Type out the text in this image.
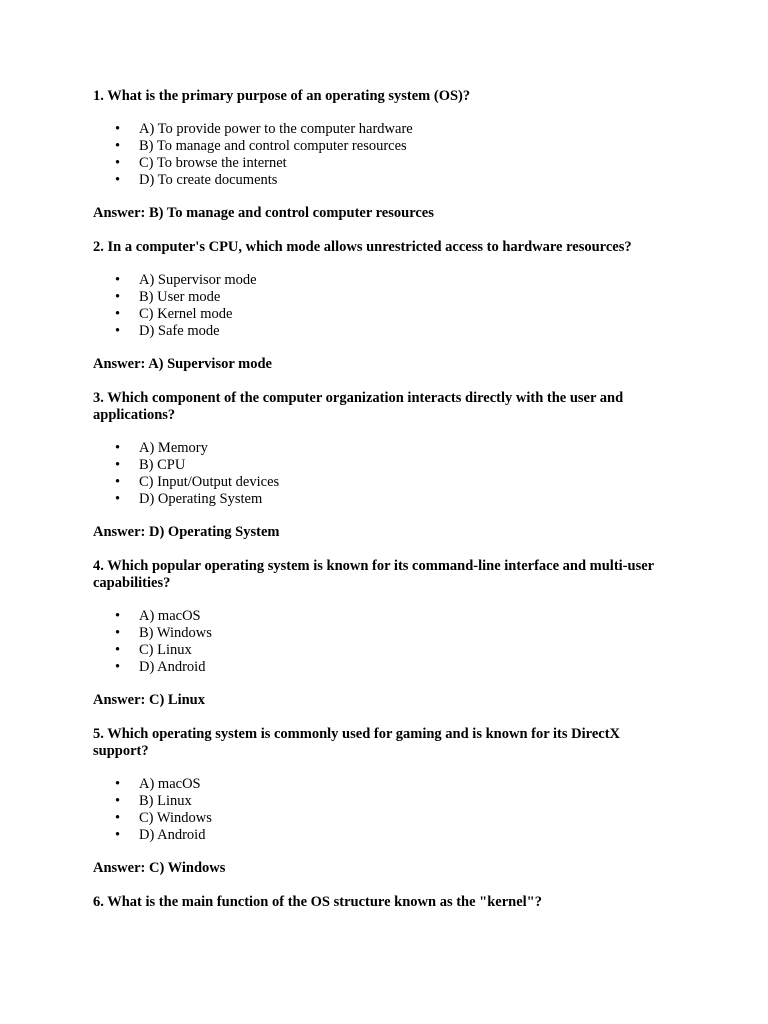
1. What is the primary purpose of an operating system (OS)?

• A) To provide power to the computer hardware
• B) To manage and control computer resources
• C) To browse the internet
• D) To create documents

Answer: B) To manage and control computer resources

2. In a computer's CPU, which mode allows unrestricted access to hardware resources?

• A) Supervisor mode
• B) User mode
• C) Kernel mode
• D) Safe mode

Answer: A) Supervisor mode

3. Which component of the computer organization interacts directly with the user and applications?

• A) Memory
• B) CPU
• C) Input/Output devices
• D) Operating System

Answer: D) Operating System

4. Which popular operating system is known for its command-line interface and multi-user capabilities?

• A) macOS
• B) Windows
• C) Linux
• D) Android

Answer: C) Linux

5. Which operating system is commonly used for gaming and is known for its DirectX support?

• A) macOS
• B) Linux
• C) Windows
• D) Android

Answer: C) Windows

6. What is the main function of the OS structure known as the "kernel"?
